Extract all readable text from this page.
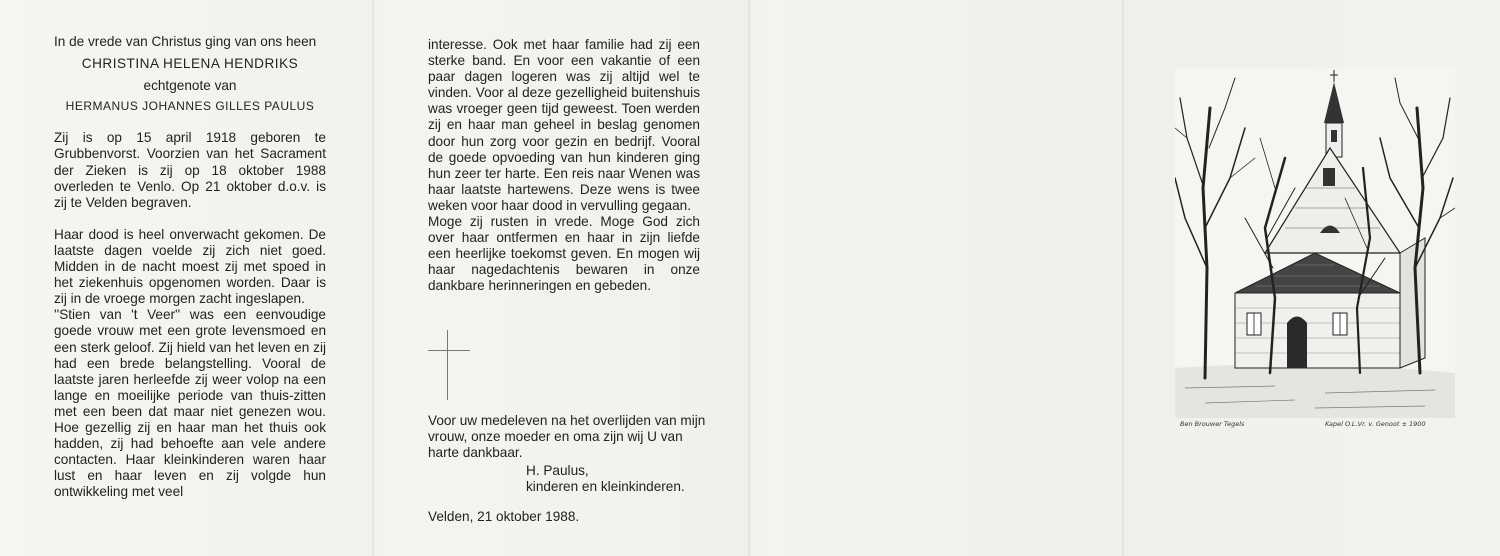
In de vrede van Christus ging van ons heen

CHRISTINA HELENA HENDRIKS

echtgenote van

HERMANUS JOHANNES GILLES PAULUS

Zij is op 15 april 1918 geboren te Grubbenvorst. Voorzien van het Sacrament der Zieken is zij op 18 oktober 1988 overleden te Venlo. Op 21 oktober d.o.v. is zij te Velden begraven.

Haar dood is heel onverwacht gekomen. De laatste dagen voelde zij zich niet goed. Midden in de nacht moest zij met spoed in het ziekenhuis opgenomen worden. Daar is zij in de vroege morgen zacht ingeslapen.

''Stien van 't Veer'' was een eenvoudige goede vrouw met een grote levensmoed en een sterk geloof. Zij hield van het leven en zij had een brede belangstelling. Vooral de laatste jaren herleefde zij weer volop na een lange en moeilijke periode van thuis-zitten met een been dat maar niet genezen wou. Hoe gezellig zij en haar man het thuis ook hadden, zij had behoefte aan vele andere contacten. Haar kleinkinderen waren haar lust en haar leven en zij volgde hun ontwikkeling met veel

interesse. Ook met haar familie had zij een sterke band. En voor een vakantie of een paar dagen logeren was zij altijd wel te vinden. Voor al deze gezelligheid buitenshuis was vroeger geen tijd geweest. Toen werden zij en haar man geheel in beslag genomen door hun zorg voor gezin en bedrijf. Vooral de goede opvoeding van hun kinderen ging hun zeer ter harte. Een reis naar Wenen was haar laatste hartewens. Deze wens is twee weken voor haar dood in vervulling gegaan.

Moge zij rusten in vrede. Moge God zich over haar ontfermen en haar in zijn liefde een heerlijke toekomst geven. En mogen wij haar nagedachtenis bewaren in onze dankbare herinneringen en gebeden.

Voor uw medeleven na het overlijden van mijn vrouw, onze moeder en oma zijn wij U van harte dankbaar.

H. Paulus,

kinderen en kleinkinderen.

Velden, 21 oktober 1988.

Ben Brouwer Tegels	Kapel O.L.Vr. v. Genoot ± 1900
